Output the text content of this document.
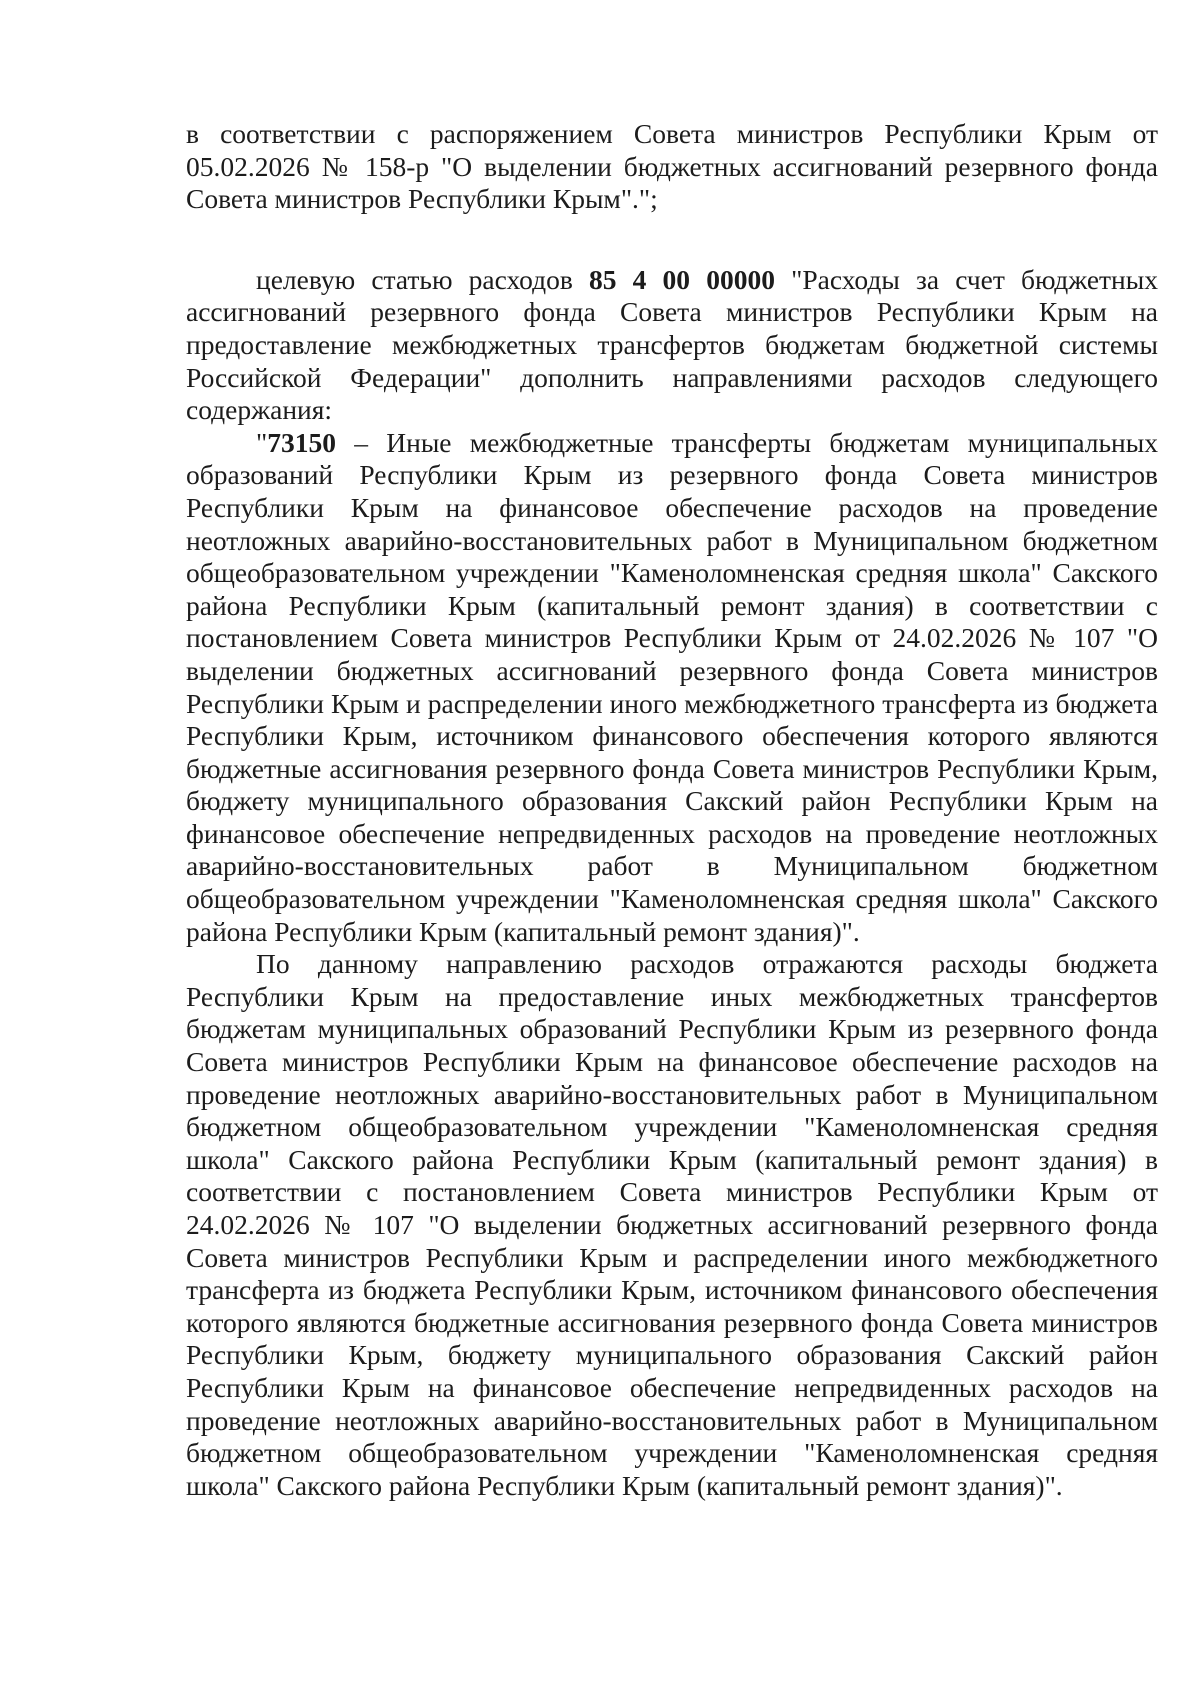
в соответствии с распоряжением Совета министров Республики Крым от 05.02.2026 № 158-р "О выделении бюджетных ассигнований резервного фонда Совета министров Республики Крым".";

целевую статью расходов 85 4 00 00000 "Расходы за счет бюджетных ассигнований резервного фонда Совета министров Республики Крым на предоставление межбюджетных трансфертов бюджетам бюджетной системы Российской Федерации" дополнить направлениями расходов следующего содержания:

"73150 – Иные межбюджетные трансферты бюджетам муниципальных образований Республики Крым из резервного фонда Совета министров Республики Крым на финансовое обеспечение расходов на проведение неотложных аварийно-восстановительных работ в Муниципальном бюджетном общеобразовательном учреждении "Каменоломненская средняя школа" Сакского района Республики Крым (капитальный ремонт здания) в соответствии с постановлением Совета министров Республики Крым от 24.02.2026 № 107 "О выделении бюджетных ассигнований резервного фонда Совета министров Республики Крым и распределении иного межбюджетного трансферта из бюджета Республики Крым, источником финансового обеспечения которого являются бюджетные ассигнования резервного фонда Совета министров Республики Крым, бюджету муниципального образования Сакский район Республики Крым на финансовое обеспечение непредвиденных расходов на проведение неотложных аварийно-восстановительных работ в Муниципальном бюджетном общеобразовательном учреждении "Каменоломненская средняя школа" Сакского района Республики Крым (капитальный ремонт здания)".

По данному направлению расходов отражаются расходы бюджета Республики Крым на предоставление иных межбюджетных трансфертов бюджетам муниципальных образований Республики Крым из резервного фонда Совета министров Республики Крым на финансовое обеспечение расходов на проведение неотложных аварийно-восстановительных работ в Муниципальном бюджетном общеобразовательном учреждении "Каменоломненская средняя школа" Сакского района Республики Крым (капитальный ремонт здания) в соответствии с постановлением Совета министров Республики Крым от 24.02.2026 № 107 "О выделении бюджетных ассигнований резервного фонда Совета министров Республики Крым и распределении иного межбюджетного трансферта из бюджета Республики Крым, источником финансового обеспечения которого являются бюджетные ассигнования резервного фонда Совета министров Республики Крым, бюджету муниципального образования Сакский район Республики Крым на финансовое обеспечение непредвиденных расходов на проведение неотложных аварийно-восстановительных работ в Муниципальном бюджетном общеобразовательном учреждении "Каменоломненская средняя школа" Сакского района Республики Крым (капитальный ремонт здания)".
